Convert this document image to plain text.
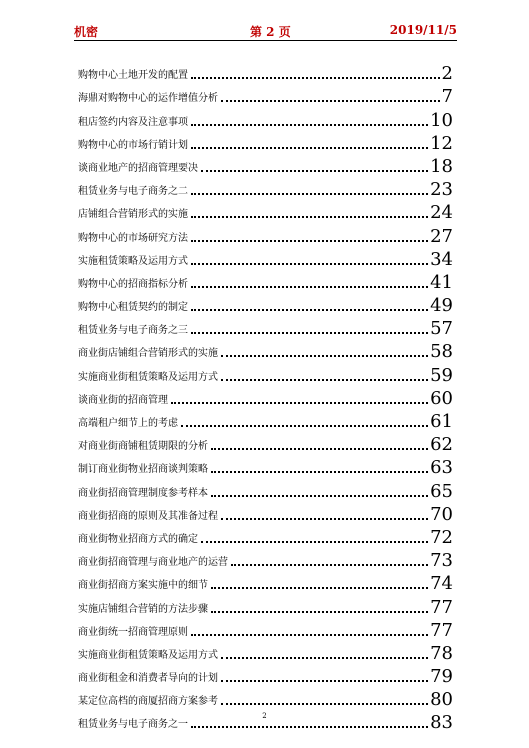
机密	第 2 页	2019/11/5
购物中心土地开发的配置	2
海鼎对购物中心的运作增值分析	7
租店签约内容及注意事项	10
购物中心的市场行销计划	12
谈商业地产的招商管理要决	18
租赁业务与电子商务之二	23
店铺组合营销形式的实施	24
购物中心的市场研究方法	27
实施租赁策略及运用方式	34
购物中心的招商指标分析	41
购物中心租赁契约的制定	49
租赁业务与电子商务之三	57
商业街店铺组合营销形式的实施	58
实施商业街租赁策略及运用方式	59
谈商业街的招商管理	60
高端租户细节上的考虑	61
对商业街商铺租赁期限的分析	62
制订商业街物业招商谈判策略	63
商业街招商管理制度参考样本	65
商业街招商的原则及其准备过程	70
商业街物业招商方式的确定	72
商业街招商管理与商业地产的运营	73
商业街招商方案实施中的细节	74
实施店铺组合营销的方法步骤	77
商业街统一招商管理原则	77
实施商业街租赁策略及运用方式	78
商业街租金和消费者导向的计划	79
某定位高档的商厦招商方案参考	80
租赁业务与电子商务之一	83
2
